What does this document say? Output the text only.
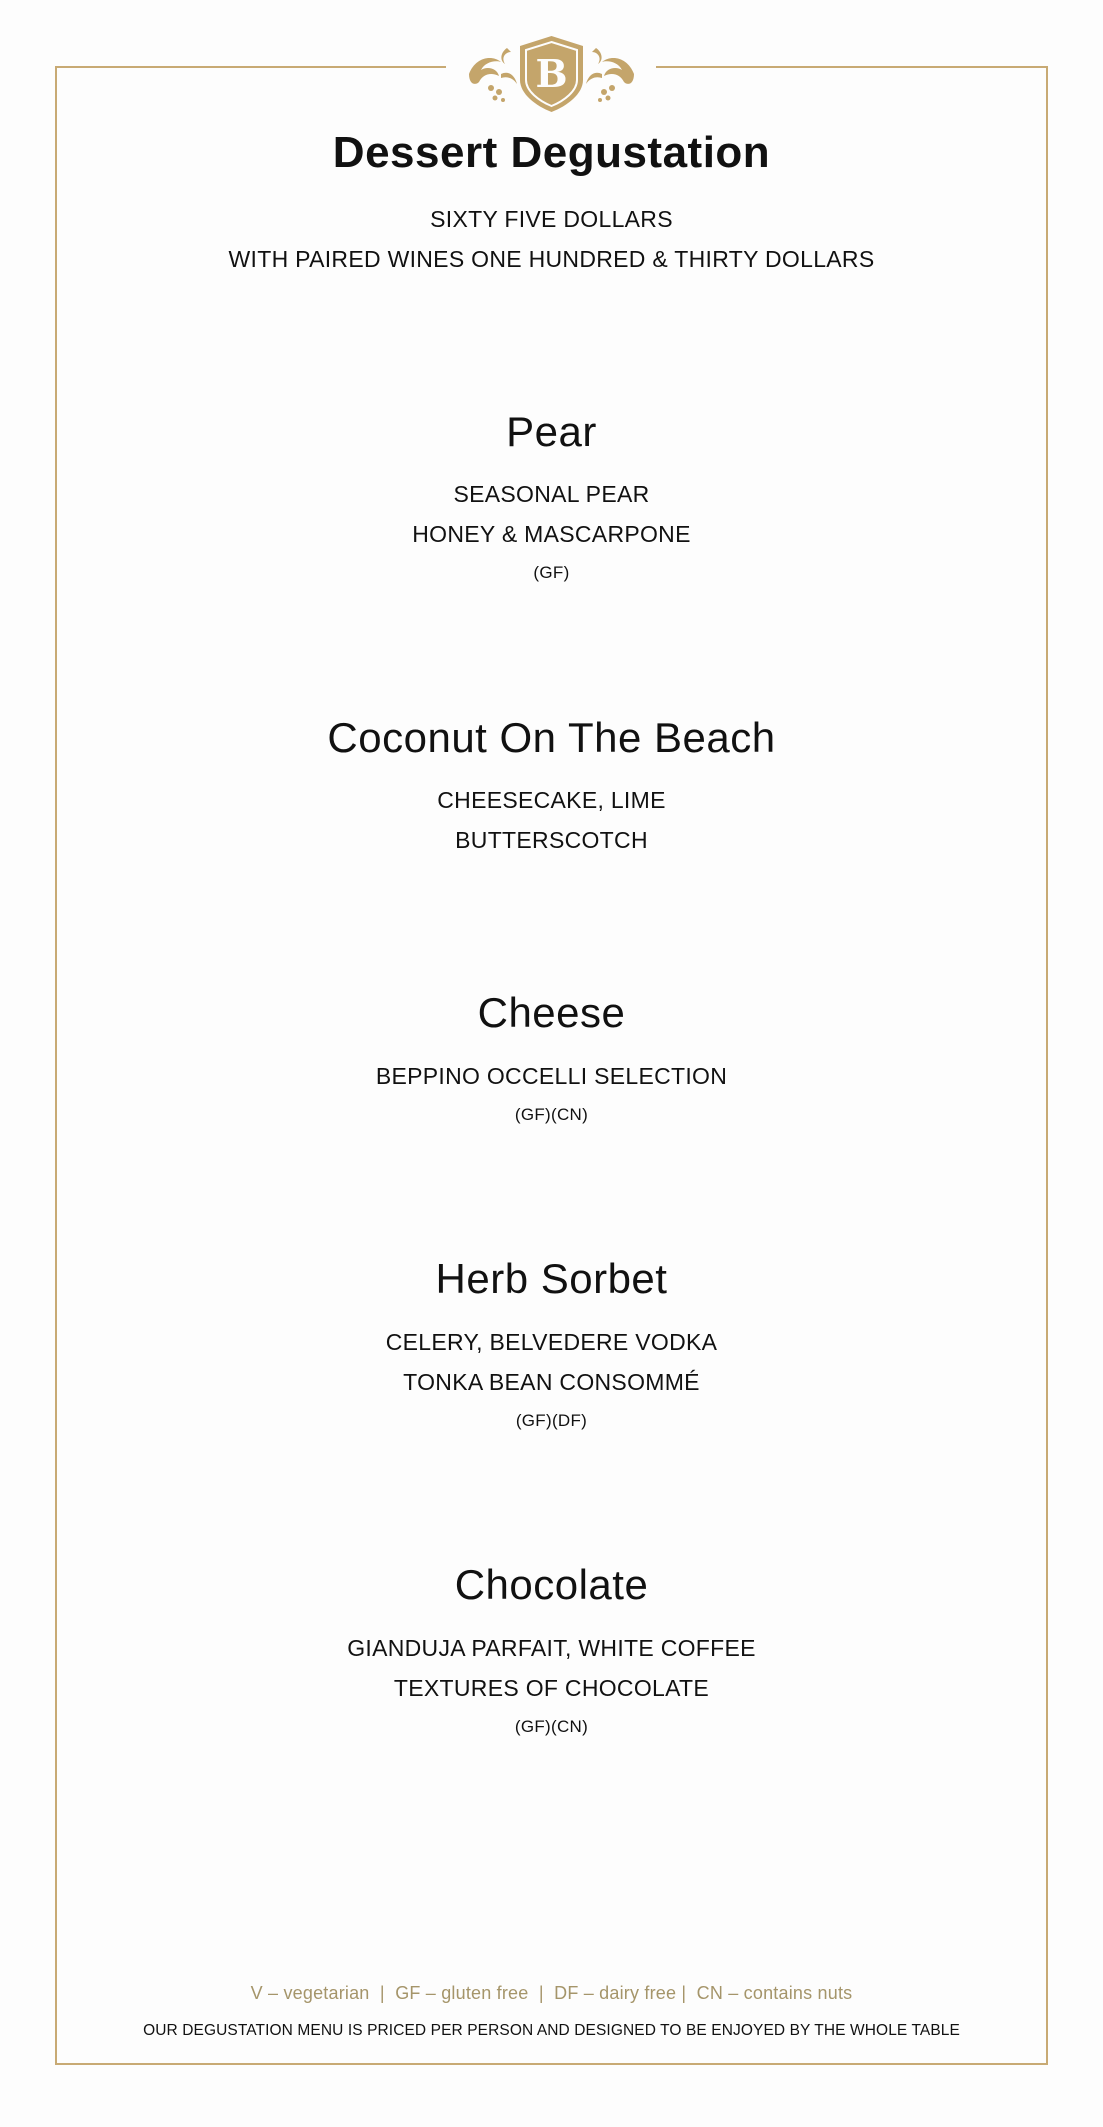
B
Dessert Degustation
SIXTY FIVE DOLLARS
WITH PAIRED WINES ONE HUNDRED & THIRTY DOLLARS
Pear
SEASONAL PEAR
HONEY & MASCARPONE
(GF)
Coconut On The Beach
CHEESECAKE, LIME
BUTTERSCOTCH
Cheese
BEPPINO OCCELLI SELECTION
(GF)(CN)
Herb Sorbet
CELERY, BELVEDERE VODKA
TONKA BEAN CONSOMMÉ
(GF)(DF)
Chocolate
GIANDUJA PARFAIT, WHITE COFFEE
TEXTURES OF CHOCOLATE
(GF)(CN)
V – vegetarian  |  GF – gluten free  |  DF – dairy free |  CN – contains nuts
OUR DEGUSTATION MENU IS PRICED PER PERSON AND DESIGNED TO BE ENJOYED BY THE WHOLE TABLE
